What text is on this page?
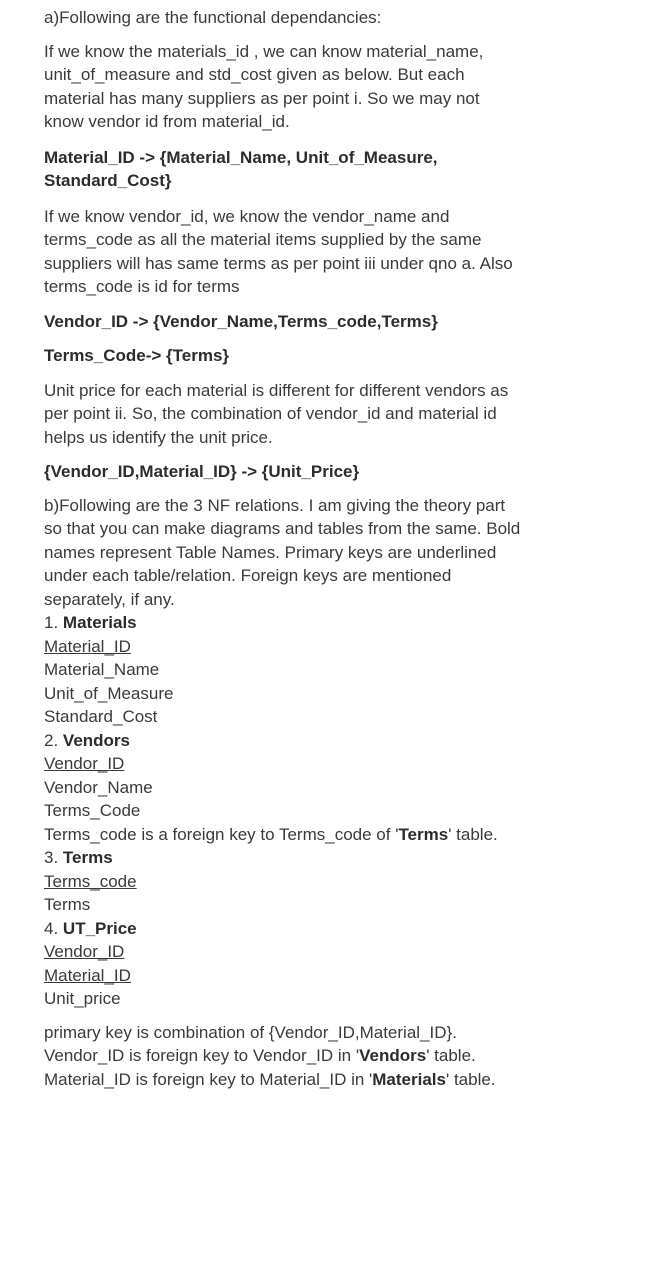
a)Following are the functional dependancies:

If we know the materials_id , we can know material_name,
unit_of_measure and std_cost given as below. But each
material has many suppliers as per point i. So we may not
know vendor id from material_id.

Material_ID -> {Material_Name, Unit_of_Measure,
Standard_Cost}

If we know vendor_id, we know the vendor_name and
terms_code as all the material items supplied by the same
suppliers will has same terms as per point iii under qno a. Also
terms_code is id for terms

Vendor_ID -> {Vendor_Name,Terms_code,Terms}

Terms_Code-> {Terms}

Unit price for each material is different for different vendors as
per point ii. So, the combination of vendor_id and material id
helps us identify the unit price.

{Vendor_ID,Material_ID} -> {Unit_Price}

b)Following are the 3 NF relations. I am giving the theory part
so that you can make diagrams and tables from the same. Bold
names represent Table Names. Primary keys are underlined
under each table/relation. Foreign keys are mentioned
separately, if any.

1. Materials

Material_ID

Material_Name

Unit_of_Measure

Standard_Cost

2. Vendors

Vendor_ID

Vendor_Name

Terms_Code

Terms_code is a foreign key to Terms_code of 'Terms' table.

3. Terms

Terms_code

Terms

4. UT_Price

Vendor_ID

Material_ID

Unit_price

primary key is combination of {Vendor_ID,Material_ID}.
Vendor_ID is foreign key to Vendor_ID in 'Vendors' table.
Material_ID is foreign key to Material_ID in 'Materials' table.
